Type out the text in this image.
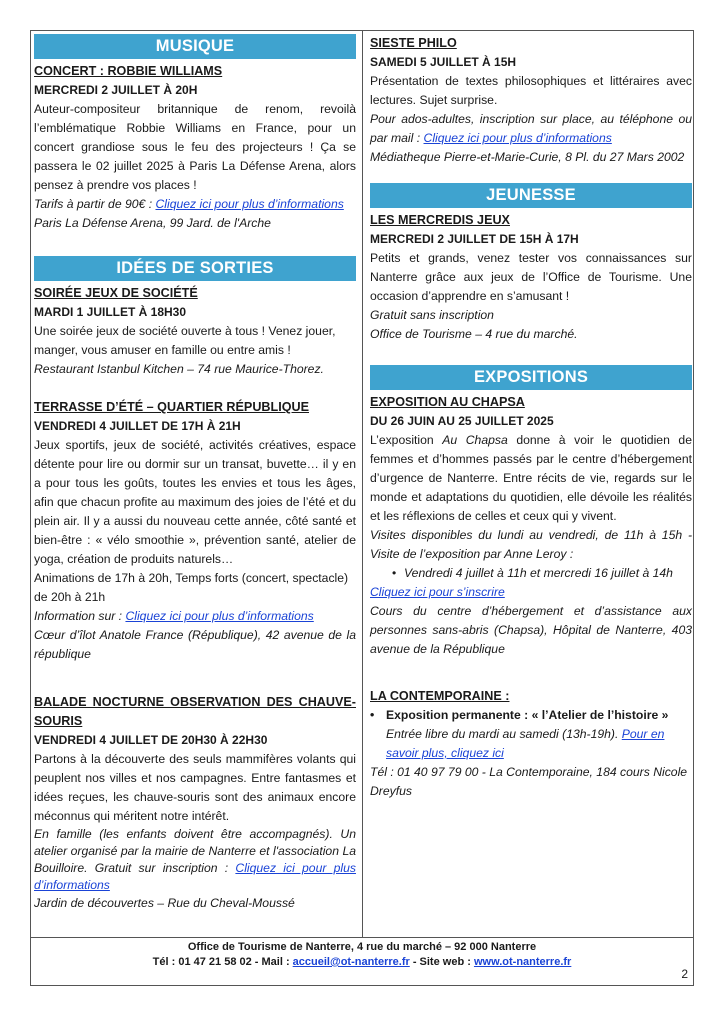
MUSIQUE
CONCERT : ROBBIE WILLIAMS
MERCREDI 2 JUILLET À 20H
Auteur-compositeur britannique de renom, revoilà l’emblématique Robbie Williams en France, pour un concert grandiose sous le feu des projecteurs ! Ça se passera le 02 juillet 2025 à Paris La Défense Arena, alors pensez à prendre vos places !
Tarifs à partir de 90€ : Cliquez ici pour plus d’informations
Paris La Défense Arena, 99 Jard. de l'Arche
IDÉES DE SORTIES
SOIRÉE JEUX DE SOCIÉTÉ
MARDI 1 JUILLET À 18H30
Une soirée jeux de société ouverte à tous ! Venez jouer, manger, vous amuser en famille ou entre amis !
Restaurant Istanbul Kitchen – 74 rue Maurice-Thorez.
TERRASSE D’ÉTÉ – QUARTIER RÉPUBLIQUE
VENDREDI 4 JUILLET DE 17H À 21H
Jeux sportifs, jeux de société, activités créatives, espace détente pour lire ou dormir sur un transat, buvette… il y en a pour tous les goûts, toutes les envies et tous les âges, afin que chacun profite au maximum des joies de l’été et du plein air. Il y a aussi du nouveau cette année, côté santé et bien-être : « vélo smoothie », prévention santé, atelier de yoga, création de produits naturels…
Animations de 17h à 20h, Temps forts (concert, spectacle) de 20h à 21h
Information sur : Cliquez ici pour plus d’informations
Cœur d’îlot Anatole France (République), 42 avenue de la république
BALADE NOCTURNE OBSERVATION DES CHAUVE-SOURIS
VENDREDI 4 JUILLET DE 20H30 À 22H30
Partons à la découverte des seuls mammifères volants qui peuplent nos villes et nos campagnes. Entre fantasmes et idées reçues, les chauve-souris sont des animaux encore méconnus qui méritent notre intérêt.
En famille (les enfants doivent être accompagnés). Un atelier organisé par la mairie de Nanterre et l'association La Bouilloire. Gratuit sur inscription : Cliquez ici pour plus d’informations
Jardin de découvertes – Rue du Cheval-Moussé
SIESTE PHILO
SAMEDI 5 JUILLET À 15H
Présentation de textes philosophiques et littéraires avec lectures. Sujet surprise.
Pour ados-adultes, inscription sur place, au téléphone ou par mail : Cliquez ici pour plus d’informations
Médiatheque Pierre-et-Marie-Curie, 8 Pl. du 27 Mars 2002
JEUNESSE
LES MERCREDIS JEUX
MERCREDI 2 JUILLET DE 15H À 17H
Petits et grands, venez tester vos connaissances sur Nanterre grâce aux jeux de l’Office de Tourisme. Une occasion d’apprendre en s’amusant !
Gratuit sans inscription
Office de Tourisme – 4 rue du marché.
EXPOSITIONS
EXPOSITION AU CHAPSA
DU 26 JUIN AU 25 JUILLET 2025
L’exposition Au Chapsa donne à voir le quotidien de femmes et d’hommes passés par le centre d’hébergement d’urgence de Nanterre. Entre récits de vie, regards sur le monde et adaptations du quotidien, elle dévoile les réalités et les réflexions de celles et ceux qui y vivent.
Visites disponibles du lundi au vendredi, de 11h à 15h - Visite de l’exposition par Anne Leroy :
• Vendredi 4 juillet à 11h et mercredi 16 juillet à 14h
Cliquez ici pour s’inscrire
Cours du centre d’hébergement et d’assistance aux personnes sans-abris (Chapsa), Hôpital de Nanterre, 403 avenue de la République
LA CONTEMPORAINE :
• Exposition permanente : « l’Atelier de l’histoire »
Entrée libre du mardi au samedi (13h-19h). Pour en savoir plus, cliquez ici
Tél : 01 40 97 79 00 - La Contemporaine, 184 cours Nicole Dreyfus
Office de Tourisme de Nanterre, 4 rue du marché – 92 000 Nanterre
Tél : 01 47 21 58 02 - Mail : accueil@ot-nanterre.fr - Site web : www.ot-nanterre.fr
2
